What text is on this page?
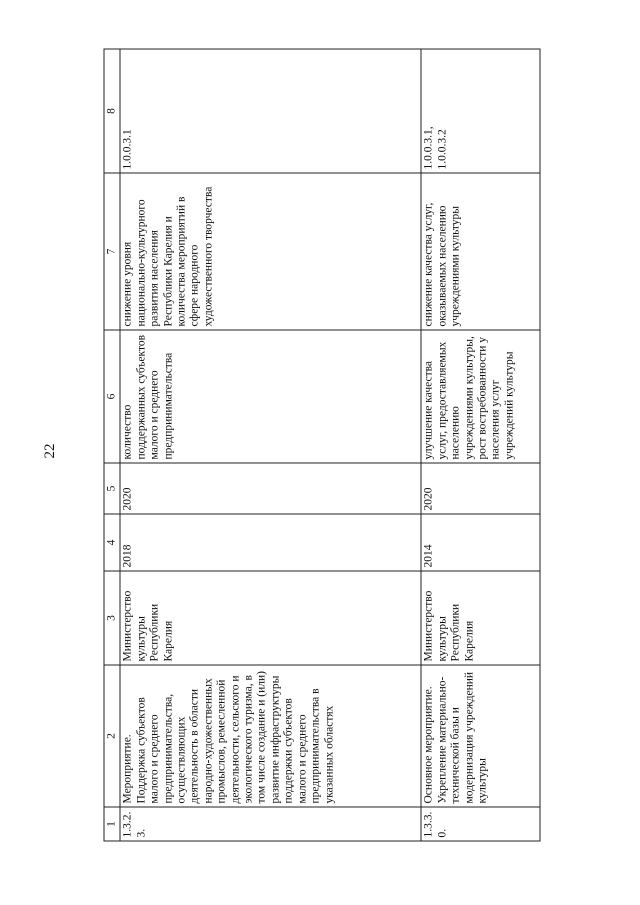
22
1	2	3	4	5	6	7	8
1.3.2.3.	Мероприятие.
Поддержка субъектов малого и среднего предпринимательства, осуществляющих деятельность в области народно-художественных промыслов, ремесленной деятельности, сельского и экологического туризма, в том числе создание и (или) развитие инфраструктуры поддержки субъектов малого и среднего предпринимательства в указанных областях	Министерство культуры Республики Карелия	2018	2020	количество поддержанных субъектов малого и среднего предпринимательства	снижение уровня национально-культурного развития населения Республики Карелия и количества мероприятий в сфере народного художественного творчества	1.0.0.3.1
1.3.3.0.	Основное мероприятие. Укрепление материально-технической базы и модернизация учреждений культуры	Министерство культуры Республики Карелия	2014	2020	улучшение качества услуг, предоставляемых населению учреждениями культуры, рост востребованности у населения услуг учреждений культуры	снижение качества услуг, оказываемых населению учреждениями культуры	1.0.0.3.1,
1.0.0.3.2
